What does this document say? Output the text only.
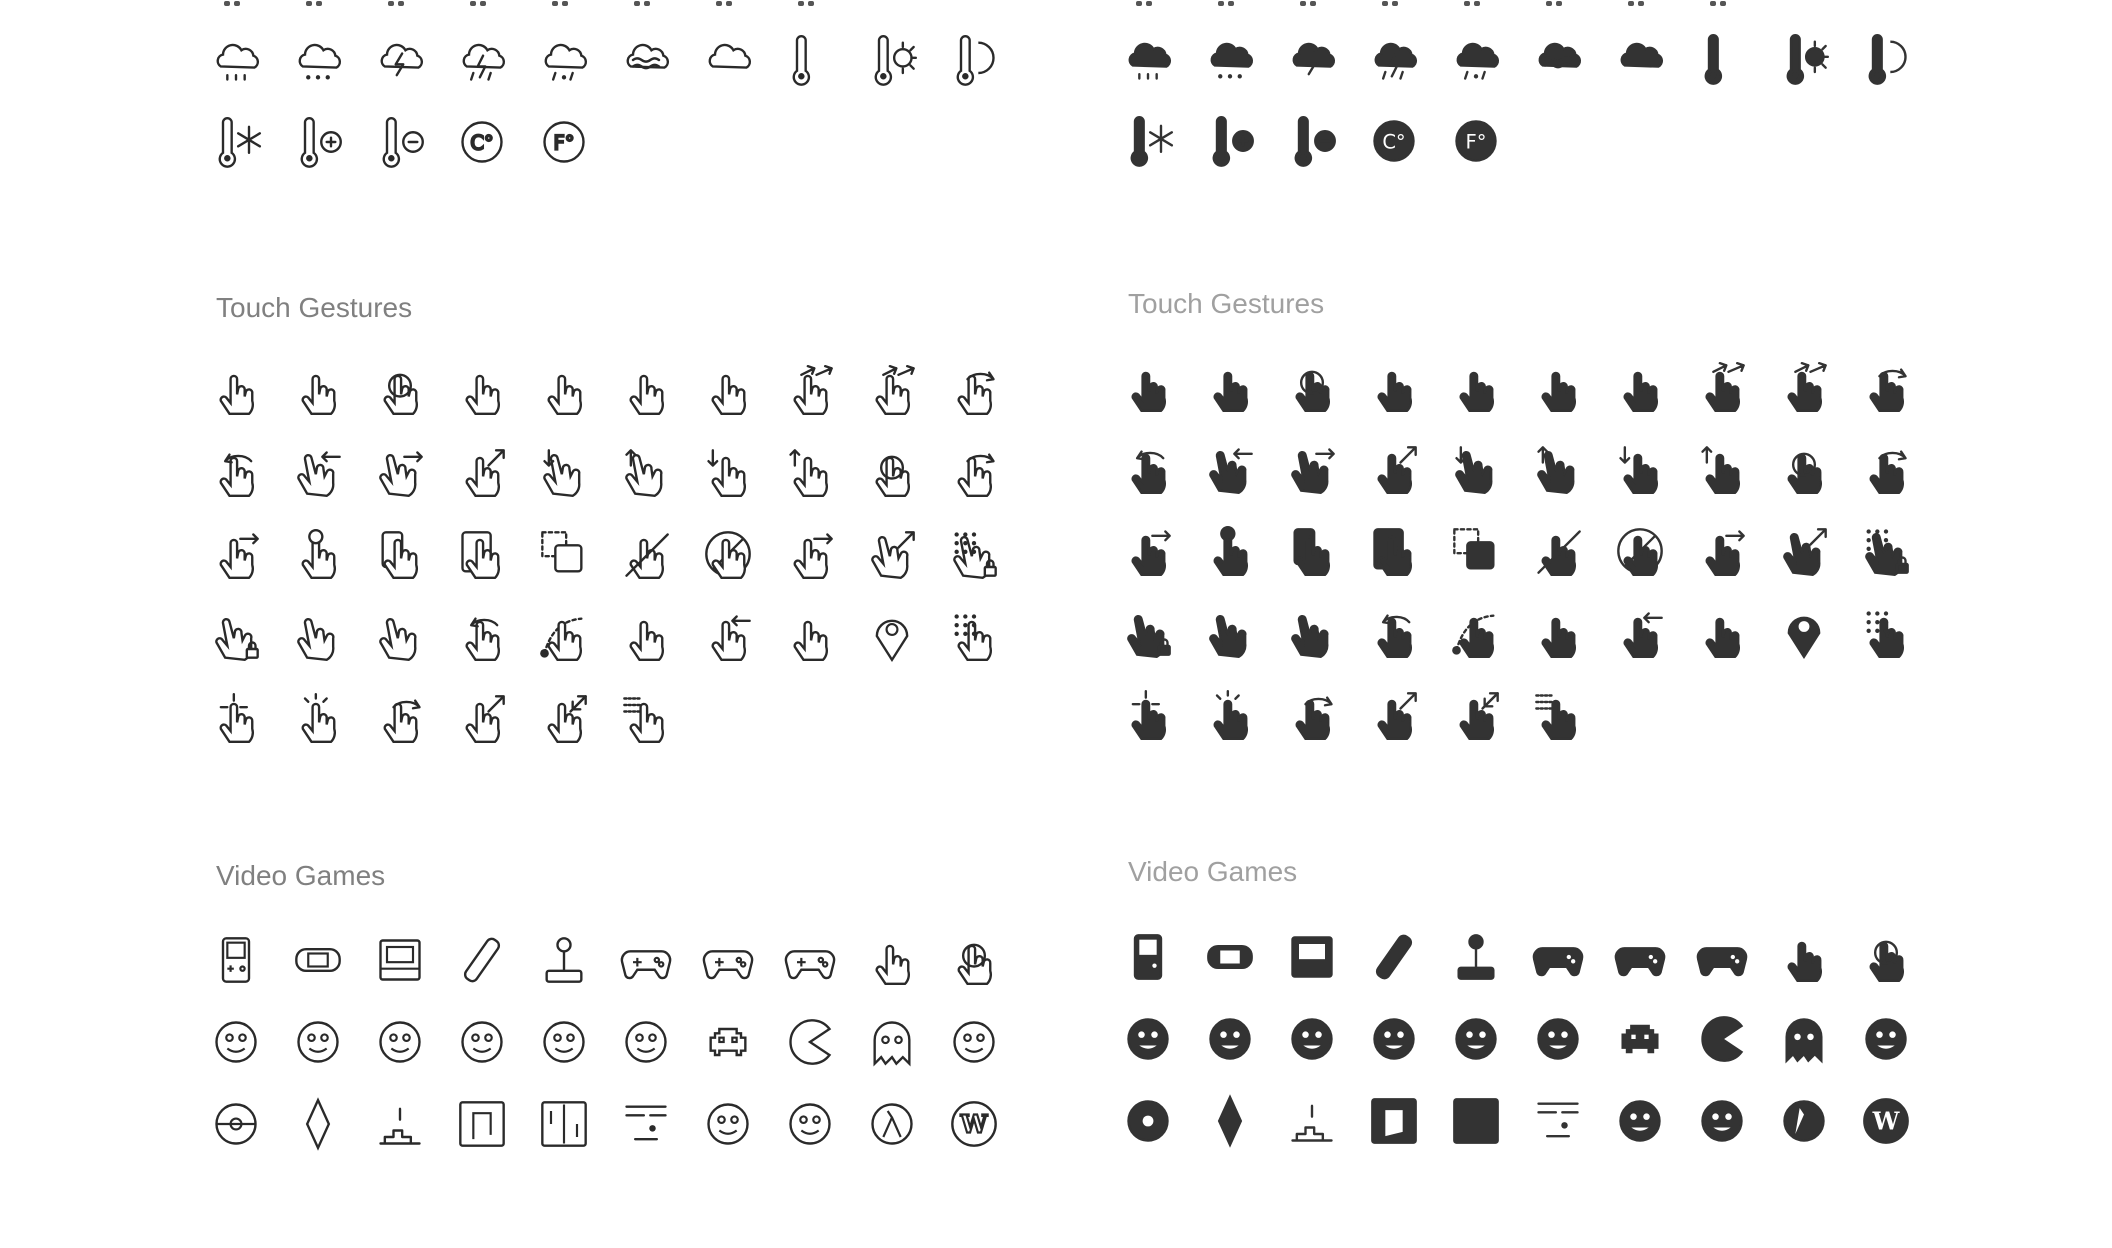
Touch Gestures
Video Games
C°	F°
W
Touch Gestures
Video Games
C°	F°
W
